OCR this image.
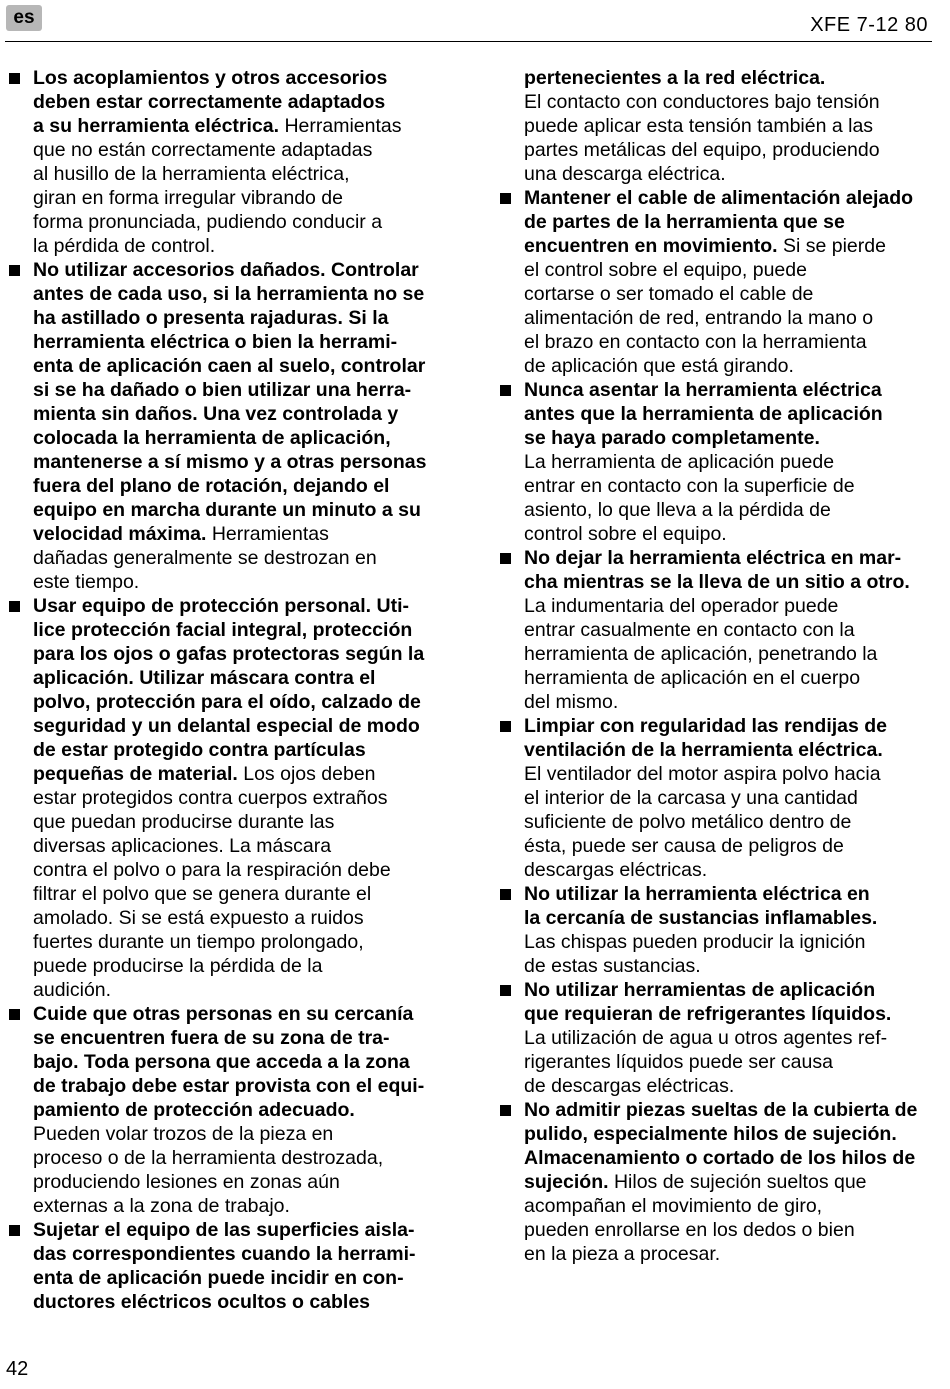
es	XFE 7-12 80
Los acoplamientos y otros accesorios
deben estar correctamente adaptados
a su herramienta eléctrica. Herramientas
que no están correctamente adaptadas
al husillo de la herramienta eléctrica,
giran en forma irregular vibrando de
forma pronunciada, pudiendo conducir a
la pérdida de control.
No utilizar accesorios dañados. Controlar
antes de cada uso, si la herramienta no se
ha astillado o presenta rajaduras. Si la
herramienta eléctrica o bien la herrami-
enta de aplicación caen al suelo, controlar
si se ha dañado o bien utilizar una herra-
mienta sin daños. Una vez controlada y
colocada la herramienta de aplicación,
mantenerse a sí mismo y a otras personas
fuera del plano de rotación, dejando el
equipo en marcha durante un minuto a su
velocidad máxima. Herramientas
dañadas generalmente se destrozan en
este tiempo.
Usar equipo de protección personal. Uti-
lice protección facial integral, protección
para los ojos o gafas protectoras según la
aplicación. Utilizar máscara contra el
polvo, protección para el oído, calzado de
seguridad y un delantal especial de modo
de estar protegido contra partículas
pequeñas de material. Los ojos deben
estar protegidos contra cuerpos extraños
que puedan producirse durante las
diversas aplicaciones. La máscara
contra el polvo o para la respiración debe
filtrar el polvo que se genera durante el
amolado. Si se está expuesto a ruidos
fuertes durante un tiempo prolongado,
puede producirse la pérdida de la
audición.
Cuide que otras personas en su cercanía
se encuentren fuera de su zona de tra-
bajo. Toda persona que acceda a la zona
de trabajo debe estar provista con el equi-
pamiento de protección adecuado.
Pueden volar trozos de la pieza en
proceso o de la herramienta destrozada,
produciendo lesiones en zonas aún
externas a la zona de trabajo.
Sujetar el equipo de las superficies aisla-
das correspondientes cuando la herrami-
enta de aplicación puede incidir en con-
ductores eléctricos ocultos o cables
pertenecientes a la red eléctrica.
El contacto con conductores bajo tensión
puede aplicar esta tensión también a las
partes metálicas del equipo, produciendo
una descarga eléctrica.
Mantener el cable de alimentación alejado
de partes de la herramienta que se
encuentren en movimiento. Si se pierde
el control sobre el equipo, puede
cortarse o ser tomado el cable de
alimentación de red, entrando la mano o
el brazo en contacto con la herramienta
de aplicación que está girando.
Nunca asentar la herramienta eléctrica
antes que la herramienta de aplicación
se haya parado completamente.
La herramienta de aplicación puede
entrar en contacto con la superficie de
asiento, lo que lleva a la pérdida de
control sobre el equipo.
No dejar la herramienta eléctrica en mar-
cha mientras se la lleva de un sitio a otro.
La indumentaria del operador puede
entrar casualmente en contacto con la
herramienta de aplicación, penetrando la
herramienta de aplicación en el cuerpo
del mismo.
Limpiar con regularidad las rendijas de
ventilación de la herramienta eléctrica.
El ventilador del motor aspira polvo hacia
el interior de la carcasa y una cantidad
suficiente de polvo metálico dentro de
ésta, puede ser causa de peligros de
descargas eléctricas.
No utilizar la herramienta eléctrica en
la cercanía de sustancias inflamables.
Las chispas pueden producir la ignición
de estas sustancias.
No utilizar herramientas de aplicación
que requieran de refrigerantes líquidos.
La utilización de agua u otros agentes ref-
rigerantes líquidos puede ser causa
de descargas eléctricas.
No admitir piezas sueltas de la cubierta de
pulido, especialmente hilos de sujeción.
Almacenamiento o cortado de los hilos de
sujeción. Hilos de sujeción sueltos que
acompañan el movimiento de giro,
pueden enrollarse en los dedos o bien
en la pieza a procesar.
42
